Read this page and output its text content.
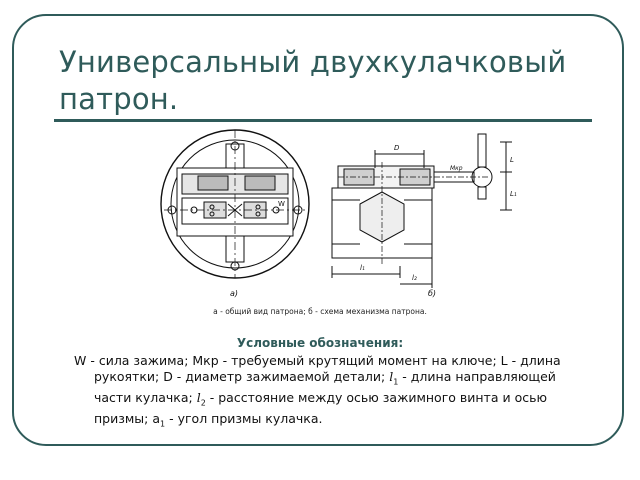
Универсальный двухкулачковый патрон.
W
а)
D
Мкр
L
L₁
l₁
l₂
б)
а - общий вид патрона; б - схема механизма патрона.
Условные обозначения:
W - сила зажима; Мкр - требуемый крутящий момент на ключе; L - длина рукоятки; D - диаметр зажимаемой детали; $l_1$ - длина направляющей части кулачка; $l_2$ - расстояние между осью зажимного винта и осью призмы; $a_1$ - угол призмы кулачка.
